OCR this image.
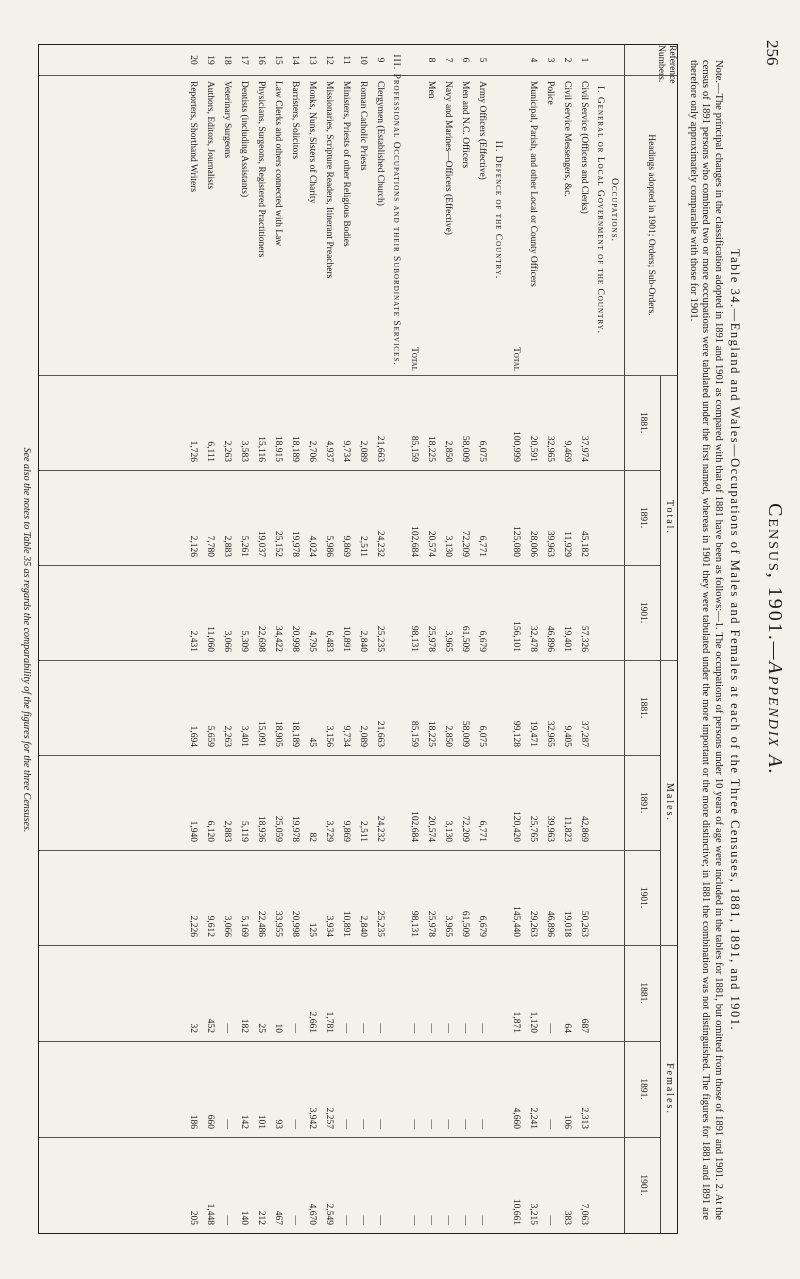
256
Census, 1901.—Appendix A.
Table 34.—England and Wales—Occupations of Males and Females at each of the Three Censuses, 1881, 1891, and 1901.
Note.—The principal changes in the classification adopted in 1891 and 1901 as compared with that of 1881 have been as follows:—1. The occupations of persons under 10 years of age were included in the tables for 1881, but omitted from those of 1891 and 1901. 2. At the census of 1891 persons who combined two or more occupations were tabulated under the first named, whereas in 1901 they were tabulated under the more important or the more distinctive; in 1881 the combination was not distinguished. The figures for 1881 and 1891 are therefore only approximately comparable with those for 1901.
Reference Numbers.
Headings adopted in 1901; Orders; Sub-Orders.
Total.
Males.
Females.
1881.
1891.
1901.
1881.
1891.
1901.
1881.
1891.
1901.
Occupations.
I. General or Local Government of the Country.
1
Civil Service (Officers and Clerks)
37,974
45,182
57,326
37,287
42,869
50,263
687
2,313
7,063
2
Civil Service Messengers, &c.
9,469
11,929
19,401
9,405
11,823
19,018
64
106
383
3
Police
32,965
39,963
46,896
32,965
39,963
46,896
—
—
—
4
Municipal, Parish, and other Local or County Officers
20,591
28,006
32,478
19,471
25,765
29,263
1,120
2,241
3,215
Total
100,999
125,080
156,101
99,128
120,420
145,440
1,871
4,660
10,661
II. Defence of the Country.
5
Army Officers (Effective)
6,075
6,771
6,679
6,075
6,771
6,679
—
—
—
6
Men and N.C. Officers
58,009
72,209
61,509
58,009
72,209
61,509
—
—
—
7
Navy and Marines—Officers (Effective)
2,850
3,130
3,965
2,850
3,130
3,965
—
—
—
8
Men
18,225
20,574
25,978
18,225
20,574
25,978
—
—
—
Total
85,159
102,684
98,131
85,159
102,684
98,131
—
—
—
III. Professional Occupations and their Subordinate Services.
9
Clergymen (Established Church)
21,663
24,232
25,235
21,663
24,232
25,235
—
—
—
10
Roman Catholic Priests
2,089
2,511
2,840
2,089
2,511
2,840
—
—
—
11
Ministers, Priests of other Religious Bodies
9,734
9,869
10,891
9,734
9,869
10,891
—
—
—
12
Missionaries, Scripture Readers, Itinerant Preachers
4,937
5,986
6,483
3,156
3,729
3,934
1,781
2,257
2,549
13
Monks, Nuns, Sisters of Charity
2,706
4,024
4,795
45
82
125
2,661
3,942
4,670
14
Barristers, Solicitors
18,189
19,978
20,998
18,189
19,978
20,998
—
—
—
15
Law Clerks and others connected with Law
18,915
25,152
34,422
18,905
25,059
33,955
10
93
467
16
Physicians, Surgeons, Registered Practitioners
15,116
19,037
22,698
15,091
18,936
22,486
25
101
212
17
Dentists (including Assistants)
3,583
5,261
5,309
3,401
5,119
5,169
182
142
140
18
Veterinary Surgeons
2,263
2,883
3,066
2,263
2,883
3,066
—
—
—
19
Authors, Editors, Journalists
6,111
7,780
11,060
5,659
6,120
9,612
452
660
1,448
20
Reporters, Shorthand Writers
1,726
2,126
2,431
1,694
1,940
2,226
32
186
205
See also the notes to Table 35 as regards the comparability of the figures for the three Censuses.
